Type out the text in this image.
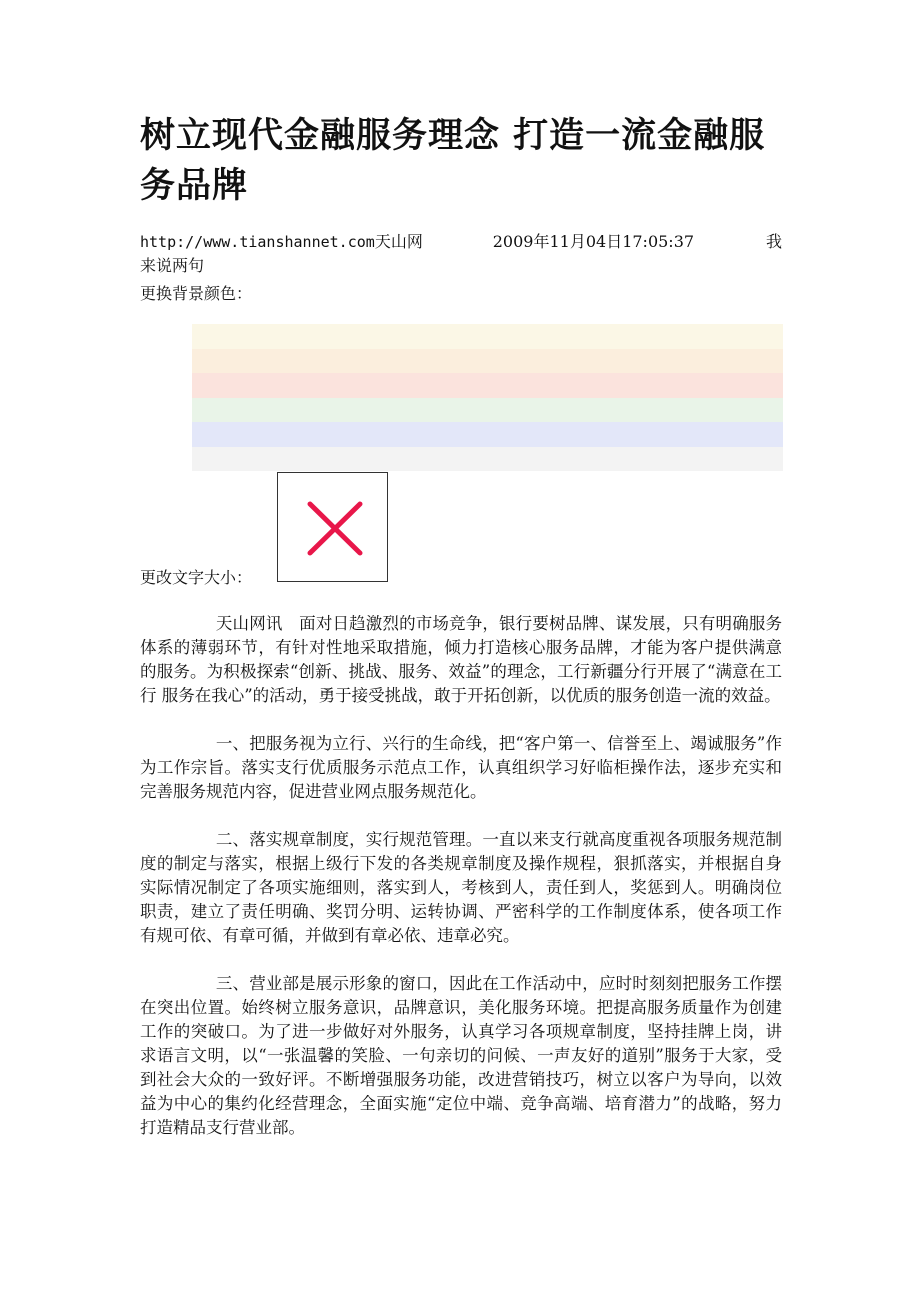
树立现代金融服务理念 打造一流金融服务品牌
http://www.tianshannet.com天山网	2009年11月04日17:05:37	我
来说两句
更换背景颜色：
更改文字大小：

天山网讯　面对日趋激烈的市场竞争，银行要树品牌、谋发展，只有明确服务体系的薄弱环节，有针对性地采取措施，倾力打造核心服务品牌，才能为客户提供满意的服务。为积极探索“创新、挑战、服务、效益”的理念，工行新疆分行开展了“满意在工行 服务在我心”的活动，勇于接受挑战，敢于开拓创新，以优质的服务创造一流的效益。

一、把服务视为立行、兴行的生命线，把“客户第一、信誉至上、竭诚服务”作为工作宗旨。落实支行优质服务示范点工作，认真组织学习好临柜操作法，逐步充实和完善服务规范内容，促进营业网点服务规范化。

二、落实规章制度，实行规范管理。一直以来支行就高度重视各项服务规范制度的制定与落实，根据上级行下发的各类规章制度及操作规程，狠抓落实，并根据自身实际情况制定了各项实施细则，落实到人，考核到人，责任到人，奖惩到人。明确岗位职责，建立了责任明确、奖罚分明、运转协调、严密科学的工作制度体系，使各项工作有规可依、有章可循，并做到有章必依、违章必究。

三、营业部是展示形象的窗口，因此在工作活动中，应时时刻刻把服务工作摆在突出位置。始终树立服务意识，品牌意识，美化服务环境。把提高服务质量作为创建工作的突破口。为了进一步做好对外服务，认真学习各项规章制度，坚持挂牌上岗，讲求语言文明，以“一张温馨的笑脸、一句亲切的问候、一声友好的道别”服务于大家，受到社会大众的一致好评。不断增强服务功能，改进营销技巧，树立以客户为导向，以效益为中心的集约化经营理念，全面实施“定位中端、竞争高端、培育潜力”的战略，努力打造精品支行营业部。
